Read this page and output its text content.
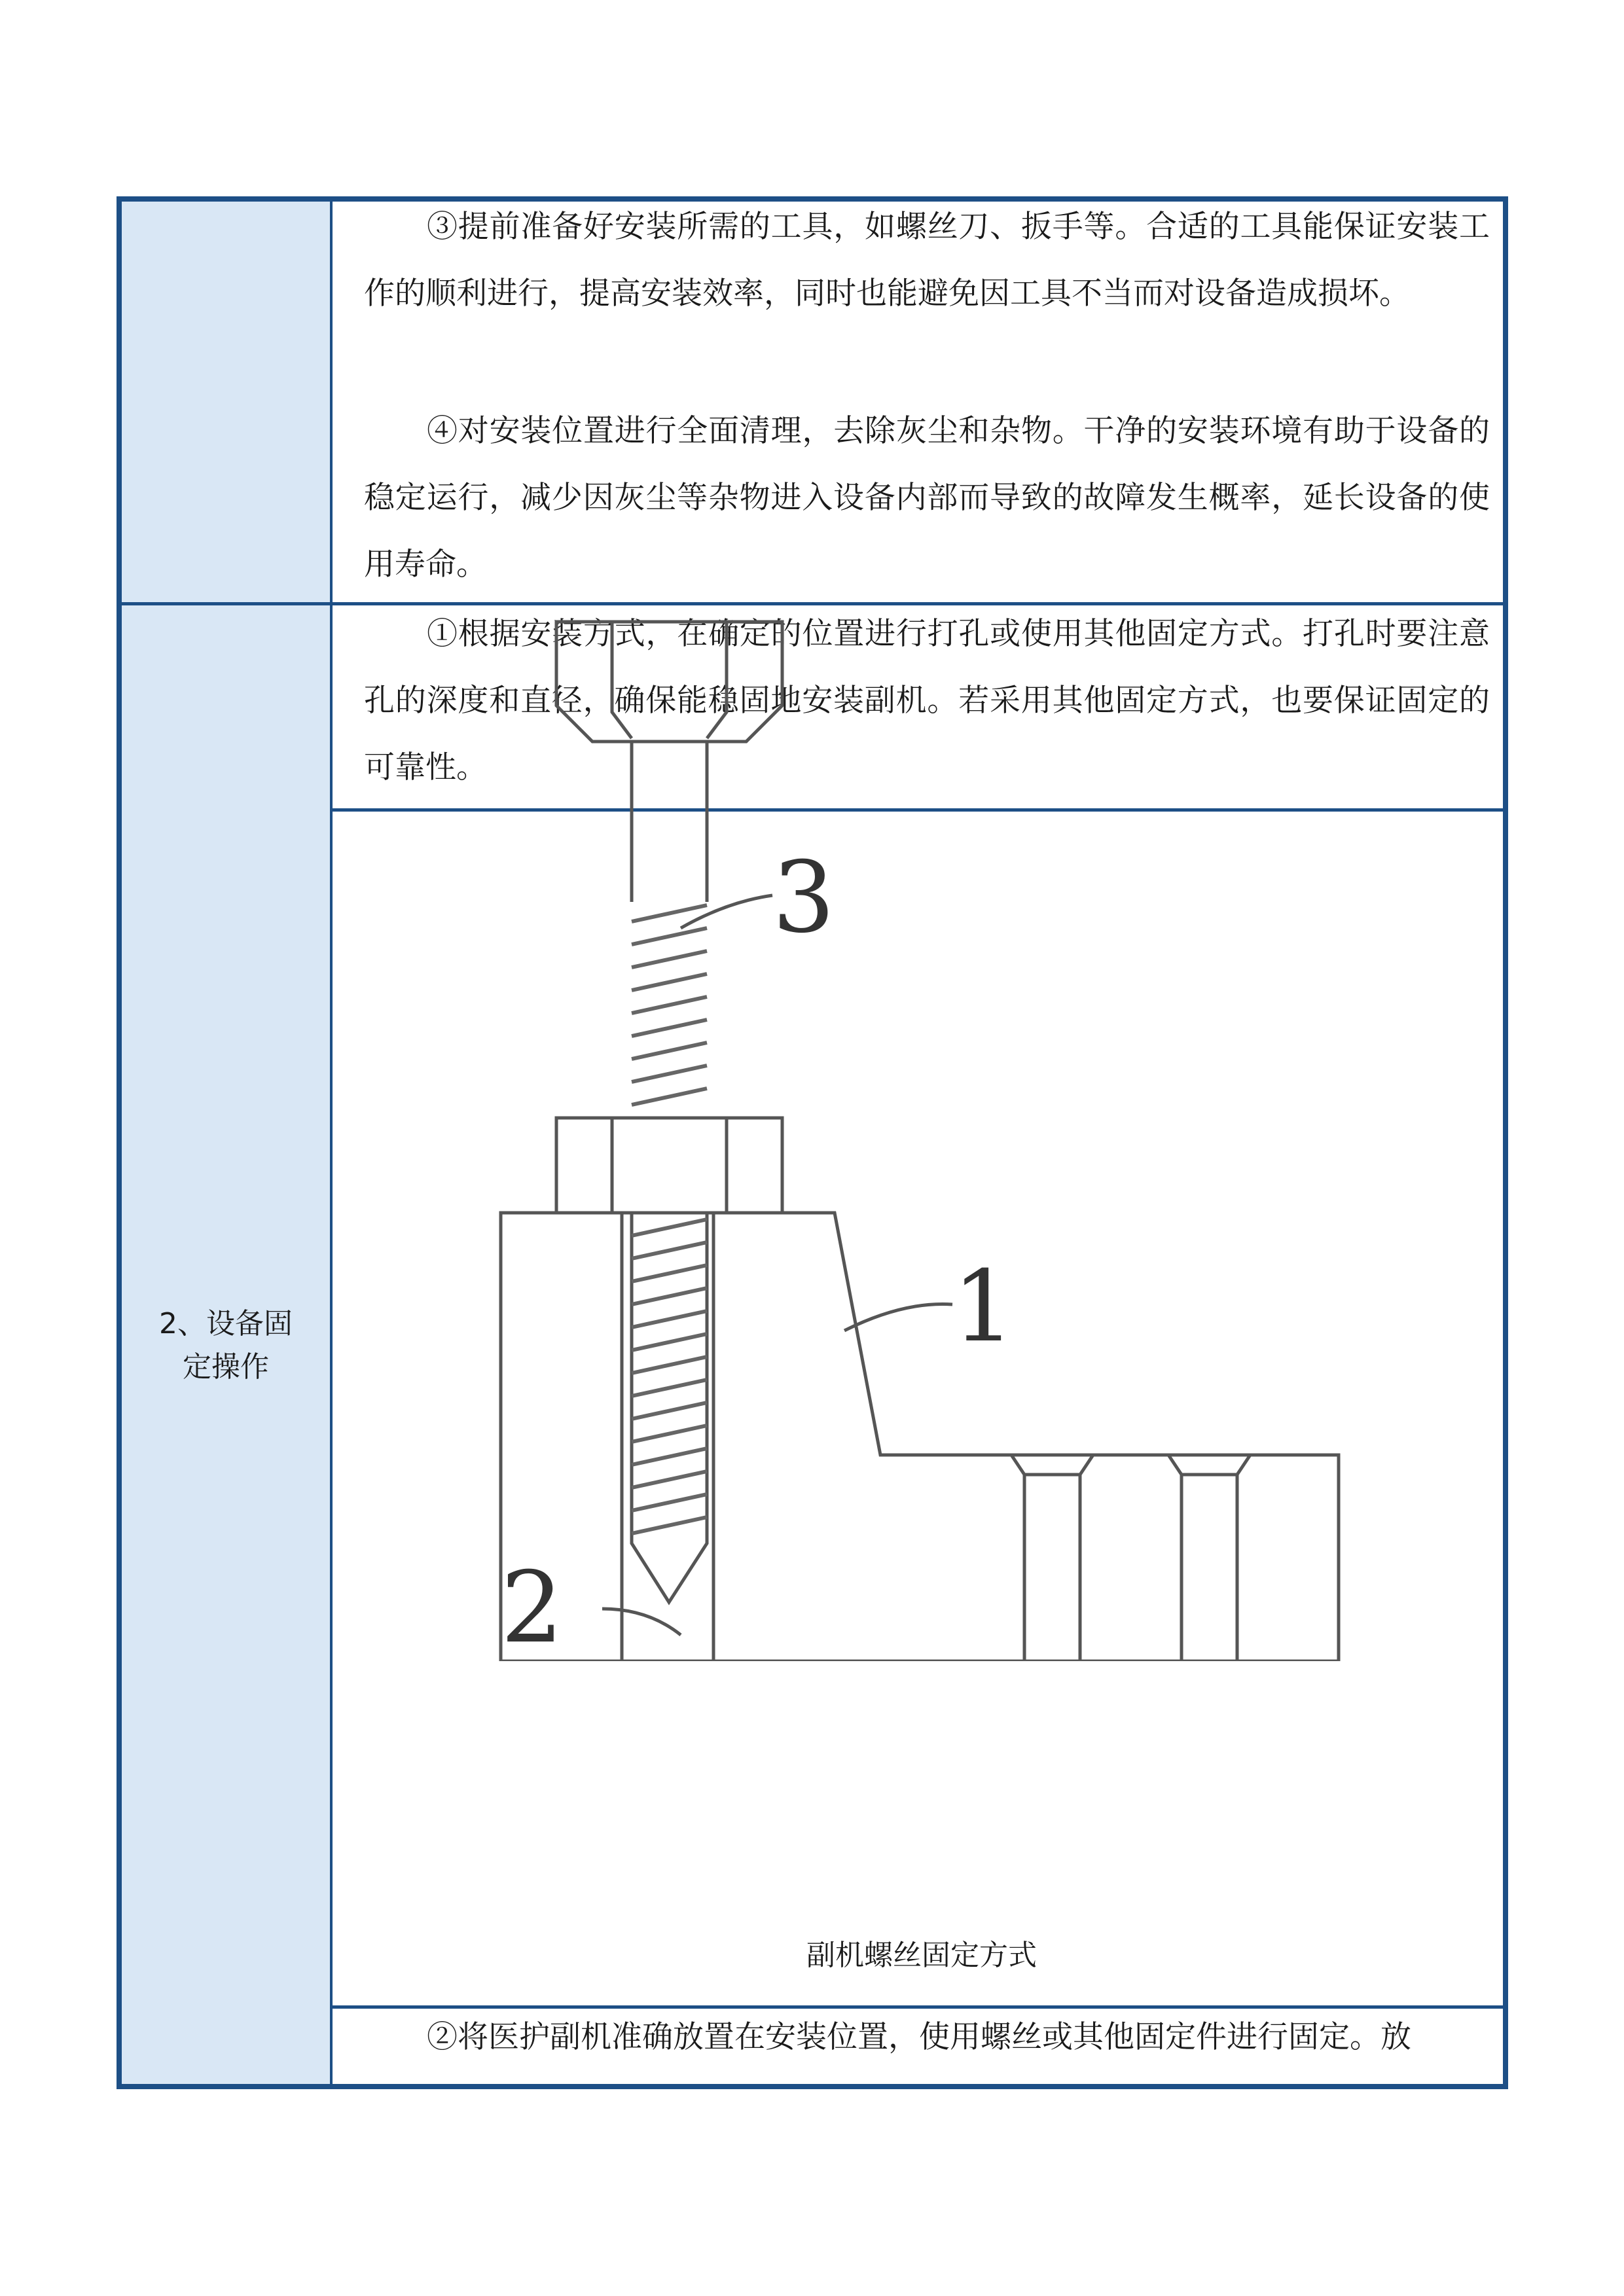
2、设备固
定操作

③提前准备好安装所需的工具，如螺丝刀、扳手等。合适的工具能保证安装工作的顺利进行，提高安装效率，同时也能避免因工具不当而对设备造成损坏。

④对安装位置进行全面清理，去除灰尘和杂物。干净的安装环境有助于设备的稳定运行，减少因灰尘等杂物进入设备内部而导致的故障发生概率，延长设备的使用寿命。

①根据安装方式，在确定的位置进行打孔或使用其他固定方式。打孔时要注意孔的深度和直径，确保能稳固地安装副机。若采用其他固定方式，也要保证固定的可靠性。

副机螺丝固定方式

②将医护副机准确放置在安装位置，使用螺丝或其他固定件进行固定。放

3
1
2
